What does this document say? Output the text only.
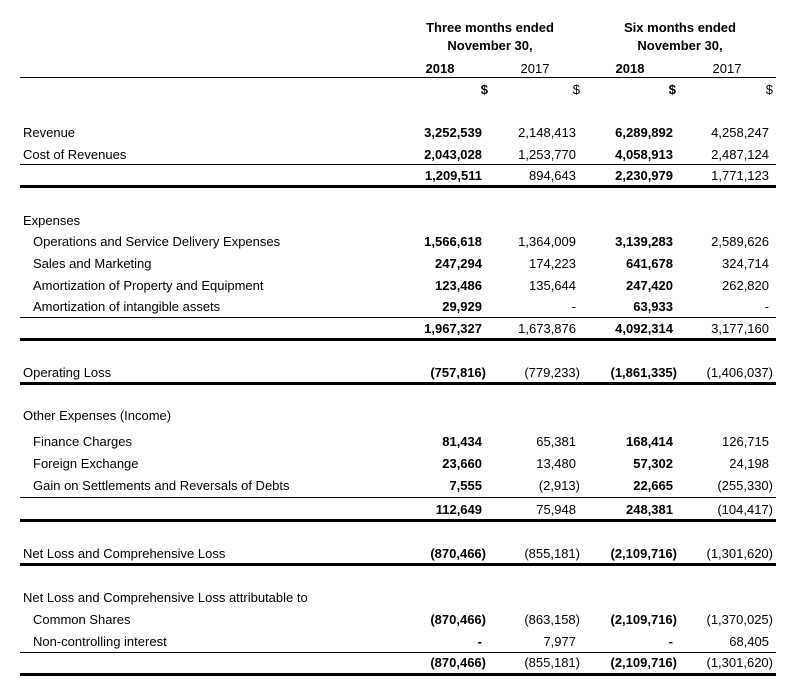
Three months ended
November 30,
Six months ended
November 30,
2018	2017	2018	2017
$	$	$	$
Revenue	3,252,539	2,148,413	6,289,892	4,258,247
Cost of Revenues	2,043,028	1,253,770	4,058,913	2,487,124
1,209,511	894,643	2,230,979	1,771,123
Expenses
Operations and Service Delivery Expenses	1,566,618	1,364,009	3,139,283	2,589,626
Sales and Marketing	247,294	174,223	641,678	324,714
Amortization of Property and Equipment	123,486	135,644	247,420	262,820
Amortization of intangible assets	29,929	-	63,933	-
1,967,327	1,673,876	4,092,314	3,177,160
Operating Loss	(757,816)	(779,233)	(1,861,335)	(1,406,037)
Other Expenses (Income)
Finance Charges	81,434	65,381	168,414	126,715
Foreign Exchange	23,660	13,480	57,302	24,198
Gain on Settlements and Reversals of Debts	7,555	(2,913)	22,665	(255,330)
112,649	75,948	248,381	(104,417)
Net Loss and Comprehensive Loss	(870,466)	(855,181)	(2,109,716)	(1,301,620)
Net Loss and Comprehensive Loss attributable to
Common Shares	(870,466)	(863,158)	(2,109,716)	(1,370,025)
Non-controlling interest	-	7,977	-	68,405
(870,466)	(855,181)	(2,109,716)	(1,301,620)
